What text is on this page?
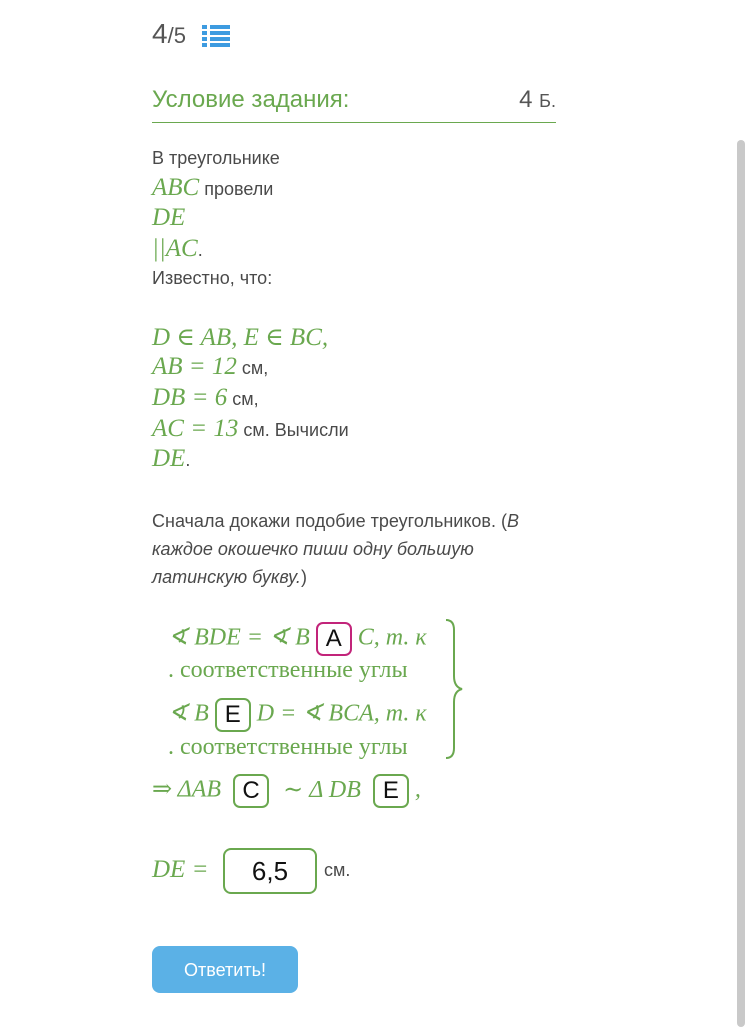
4/5
Условие задания:	4 Б.
В треугольнике
ABC провели
DE
||AC.
Известно, что:
D ∈ AB, E ∈ BC,
AB = 12 см,
DB = 6 см,
AC = 13 см. Вычисли
DE.
Сначала докажи подобие треугольников. (В каждое окошечко пиши одну большую латинскую букву.)
∢ BDE = ∢ B A C, т. к
. соответственные углы
∢ B E D = ∢ BCA, т. к
. соответственные углы
⇒ ΔAB C ∼ Δ DB E ,
DE =	6,5	см.
Ответить!
